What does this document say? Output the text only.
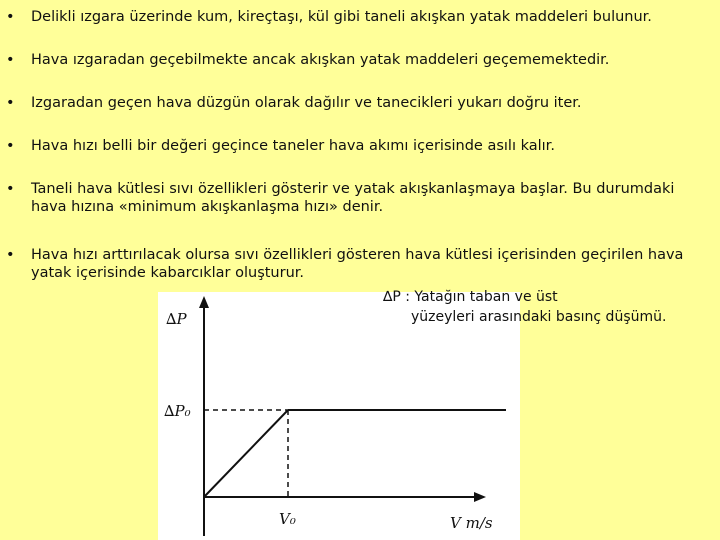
• Delikli ızgara üzerinde kum, kireçtaşı, kül gibi taneli akışkan yatak maddeleri bulunur.
• Hava ızgaradan geçebilmekte ancak akışkan yatak maddeleri geçememektedir.
• Izgaradan geçen hava düzgün olarak dağılır ve tanecikleri yukarı doğru iter.
• Hava hızı belli bir değeri geçince taneler hava akımı içerisinde asılı kalır.
• Taneli hava kütlesi sıvı özellikleri gösterir ve yatak akışkanlaşmaya başlar. Bu durumdaki hava hızına «minimum akışkanlaşma hızı» denir.
• Hava hızı arttırılacak olursa sıvı özellikleri gösteren hava kütlesi içerisinden geçirilen hava yatak içerisinde kabarcıklar oluşturur.
∆P
∆P₀
V₀	V m/s
∆P : Yatağın taban ve üst
yüzeyleri arasındaki basınç düşümü.
